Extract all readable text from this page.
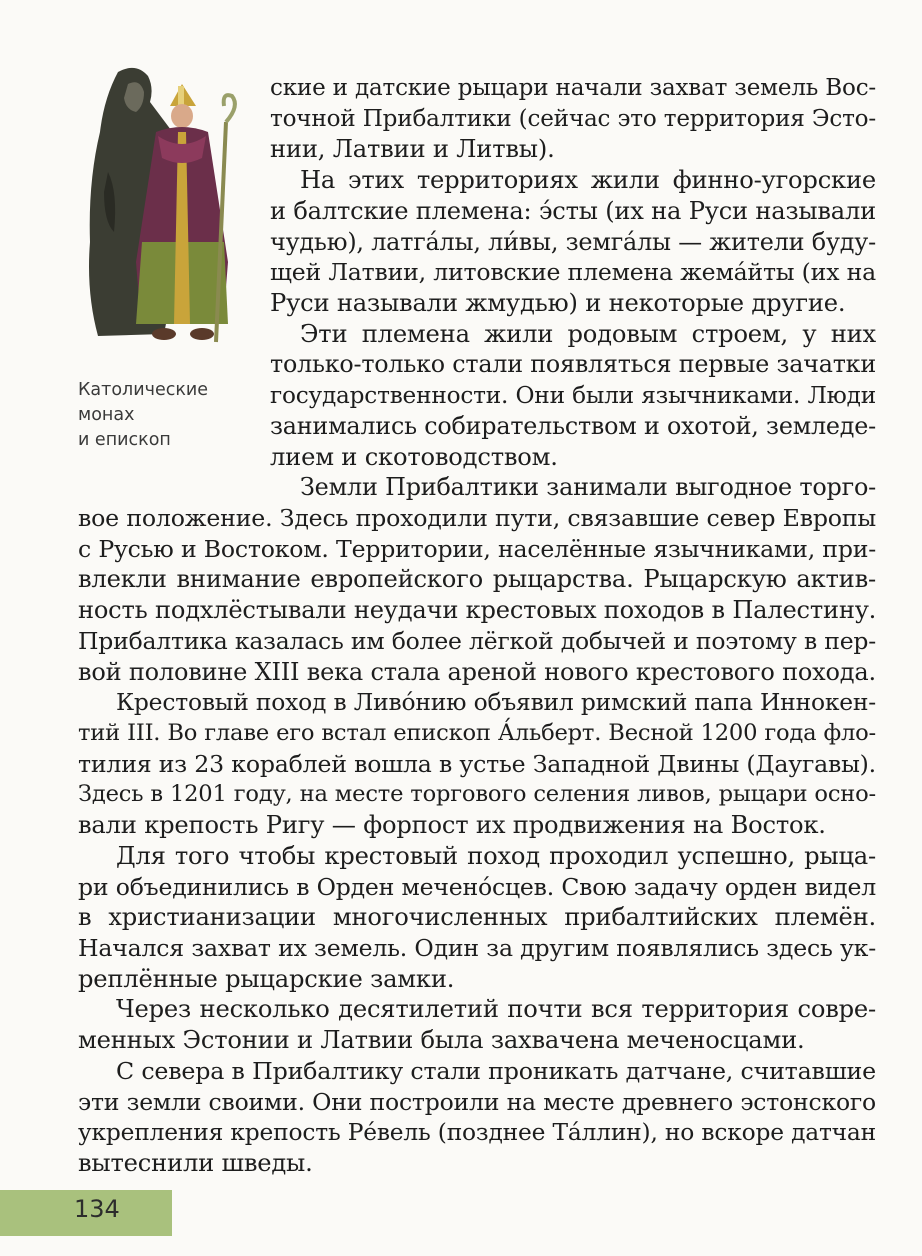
Католические
монах
и епископ
ские и датские рыцари начали захват земель Вос-
точной Прибалтики (сейчас это территория Эсто-
нии, Латвии и Литвы).
На этих территориях жили финно-угорские
и балтские племена: э́сты (их на Руси называли
чудью), латга́лы, ли́вы, земга́лы — жители буду-
щей Латвии, литовские племена жема́йты (их на
Руси называли жмудью) и некоторые другие.
Эти племена жили родовым строем, у них
только-только стали появляться первые зачатки
государственности. Они были язычниками. Люди
занимались собирательством и охотой, земледе-
лием и скотоводством.
Земли Прибалтики занимали выгодное торго-
вое положение. Здесь проходили пути, связавшие север Европы
с Русью и Востоком. Территории, населённые язычниками, при-
влекли внимание европейского рыцарства. Рыцарскую актив-
ность подхлёстывали неудачи крестовых походов в Палестину.
Прибалтика казалась им более лёгкой добычей и поэтому в пер-
вой половине XIII века стала ареной нового крестового похода.
Крестовый поход в Ливо́нию объявил римский папа Иннокен-
тий III. Во главе его встал епископ А́льберт. Весной 1200 года фло-
тилия из 23 кораблей вошла в устье Западной Двины (Даугавы).
Здесь в 1201 году, на месте торгового селения ливов, рыцари осно-
вали крепость Ригу — форпост их продвижения на Восток.
Для того чтобы крестовый поход проходил успешно, рыца-
ри объединились в Орден мечено́сцев. Свою задачу орден видел
в христианизации многочисленных прибалтийских племён.
Начался захват их земель. Один за другим появлялись здесь ук-
реплённые рыцарские замки.
Через несколько десятилетий почти вся территория совре-
менных Эстонии и Латвии была захвачена меченосцами.
С севера в Прибалтику стали проникать датчане, считавшие
эти земли своими. Они построили на месте древнего эстонского
укрепления крепость Ре́вель (позднее Та́ллин), но вскоре датчан
вытеснили шведы.
134
